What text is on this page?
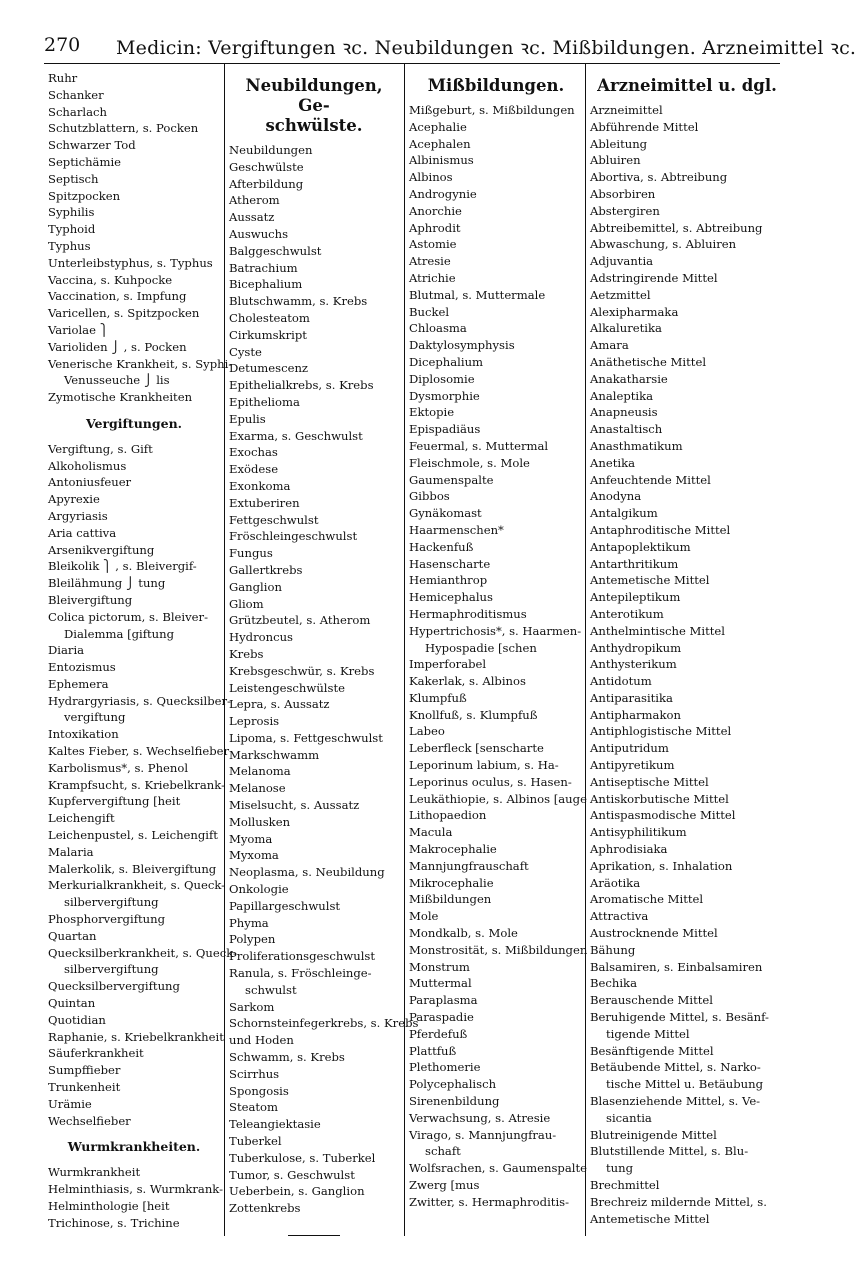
270 Medicin: Vergiftungen ꝛc. Neubildungen ꝛc. Mißbildungen. Arzneimittel ꝛc.
Ruhr
Schanker
Scharlach
Schutzblattern, s. Pocken
Schwarzer Tod
Septichämie
Septisch
Spitzpocken
Syphilis
Typhoid
Typhus
Unterleibstyphus, s. Typhus
Vaccina, s. Kuhpocke
Vaccination, s. Impfung
Varicellen, s. Spitzpocken
Variolae ⎫
Varioliden ⎭ , s. Pocken
Venerische Krankheit, s. Syphi-
Venusseuche ⎭ lis
Zymotische Krankheiten
Vergiftungen.
Vergiftung, s. Gift
Alkoholismus
Antoniusfeuer
Apyrexie
Argyriasis
Aria cattiva
Arsenikvergiftung
Bleikolik ⎫ , s. Bleivergif-
Bleilähmung ⎭ tung
Bleivergiftung
Colica pictorum, s. Bleiver-
Dialemma [giftung
Diaria
Entozismus
Ephemera
Hydrargyriasis, s. Quecksilber-
vergiftung
Intoxikation
Kaltes Fieber, s. Wechselfieber
Karbolismus*, s. Phenol
Krampfsucht, s. Kriebelkrank-
Kupfervergiftung [heit
Leichengift
Leichenpustel, s. Leichengift
Malaria
Malerkolik, s. Bleivergiftung
Merkurialkrankheit, s. Queck-
silbervergiftung
Phosphorvergiftung
Quartan
Quecksilberkrankheit, s. Queck-
silbervergiftung
Quecksilbervergiftung
Quintan
Quotidian
Raphanie, s. Kriebelkrankheit
Säuferkrankheit
Sumpffieber
Trunkenheit
Urämie
Wechselfieber
Wurmkrankheiten.
Wurmkrankheit
Helminthiasis, s. Wurmkrank-
Helminthologie [heit
Trichinose, s. Trichine
Neubildungen, Ge-
schwülste.
Neubildungen
Geschwülste
Afterbildung
Atherom
Aussatz
Auswuchs
Balggeschwulst
Batrachium
Bicephalium
Blutschwamm, s. Krebs
Cholesteatom
Cirkumskript
Cyste
Detumescenz
Epithelialkrebs, s. Krebs
Epithelioma
Epulis
Exarma, s. Geschwulst
Exochas
Exödese
Exonkoma
Extuberiren
Fettgeschwulst
Fröschleingeschwulst
Fungus
Gallertkrebs
Ganglion
Gliom
Grützbeutel, s. Atherom
Hydroncus
Krebs
Krebsgeschwür, s. Krebs
Leistengeschwülste
Lepra, s. Aussatz
Leprosis
Lipoma, s. Fettgeschwulst
Markschwamm
Melanoma
Melanose
Miselsucht, s. Aussatz
Mollusken
Myoma
Myxoma
Neoplasma, s. Neubildung
Onkologie
Papillargeschwulst
Phyma
Polypen
Proliferationsgeschwulst
Ranula, s. Fröschleinge-
schwulst
Sarkom
Schornsteinfegerkrebs, s. Krebs
und Hoden
Schwamm, s. Krebs
Scirrhus
Spongosis
Steatom
Teleangiektasie
Tuberkel
Tuberkulose, s. Tuberkel
Tumor, s. Geschwulst
Ueberbein, s. Ganglion
Zottenkrebs
Mißbildungen.
Mißgeburt, s. Mißbildungen
Acephalie
Acephalen
Albinismus
Albinos
Androgynie
Anorchie
Aphrodit
Astomie
Atresie
Atrichie
Blutmal, s. Muttermale
Buckel
Chloasma
Daktylosymphysis
Dicephalium
Diplosomie
Dysmorphie
Ektopie
Epispadiäus
Feuermal, s. Muttermal
Fleischmole, s. Mole
Gaumenspalte
Gibbos
Gynäkomast
Haarmenschen*
Hackenfuß
Hasenscharte
Hemianthrop
Hemicephalus
Hermaphroditismus
Hypertrichosis*, s. Haarmen-
Hypospadie [schen
Imperforabel
Kakerlak, s. Albinos
Klumpfuß
Knollfuß, s. Klumpfuß
Labeo
Leberfleck [senscharte
Leporinum labium, s. Ha-
Leporinus oculus, s. Hasen-
Leukäthiopie, s. Albinos [auge
Lithopaedion
Macula
Makrocephalie
Mannjungfrauschaft
Mikrocephalie
Mißbildungen
Mole
Mondkalb, s. Mole
Monstrosität, s. Mißbildungen
Monstrum
Muttermal
Paraplasma
Paraspadie
Pferdefuß
Plattfuß
Plethomerie
Polycephalisch
Sirenenbildung
Verwachsung, s. Atresie
Virago, s. Mannjungfrau-
schaft
Wolfsrachen, s. Gaumenspalte
Zwerg [mus
Zwitter, s. Hermaphroditis-
Arzneimittel u. dgl.
Arzneimittel
Abführende Mittel
Ableitung
Abluiren
Abortiva, s. Abtreibung
Absorbiren
Abstergiren
Abtreibemittel, s. Abtreibung
Abwaschung, s. Abluiren
Adjuvantia
Adstringirende Mittel
Aetzmittel
Alexipharmaka
Alkaluretika
Amara
Anäthetische Mittel
Anakatharsie
Analeptika
Anapneusis
Anastaltisch
Anasthmatikum
Anetika
Anfeuchtende Mittel
Anodyna
Antalgikum
Antaphroditische Mittel
Antapoplektikum
Antarthritikum
Antemetische Mittel
Antepileptikum
Anterotikum
Anthelmintische Mittel
Anthydropikum
Anthysterikum
Antidotum
Antiparasitika
Antipharmakon
Antiphlogistische Mittel
Antiputridum
Antipyretikum
Antiseptische Mittel
Antiskorbutische Mittel
Antispasmodische Mittel
Antisyphilitikum
Aphrodisiaka
Aprikation, s. Inhalation
Aräotika
Aromatische Mittel
Attractiva
Austrocknende Mittel
Bähung
Balsamiren, s. Einbalsamiren
Bechika
Berauschende Mittel
Beruhigende Mittel, s. Besänf-
tigende Mittel
Besänftigende Mittel
Betäubende Mittel, s. Narko-
tische Mittel u. Betäubung
Blasenziehende Mittel, s. Ve-
sicantia
Blutreinigende Mittel
Blutstillende Mittel, s. Blu-
tung
Brechmittel
Brechreiz mildernde Mittel, s.
Antemetische Mittel
